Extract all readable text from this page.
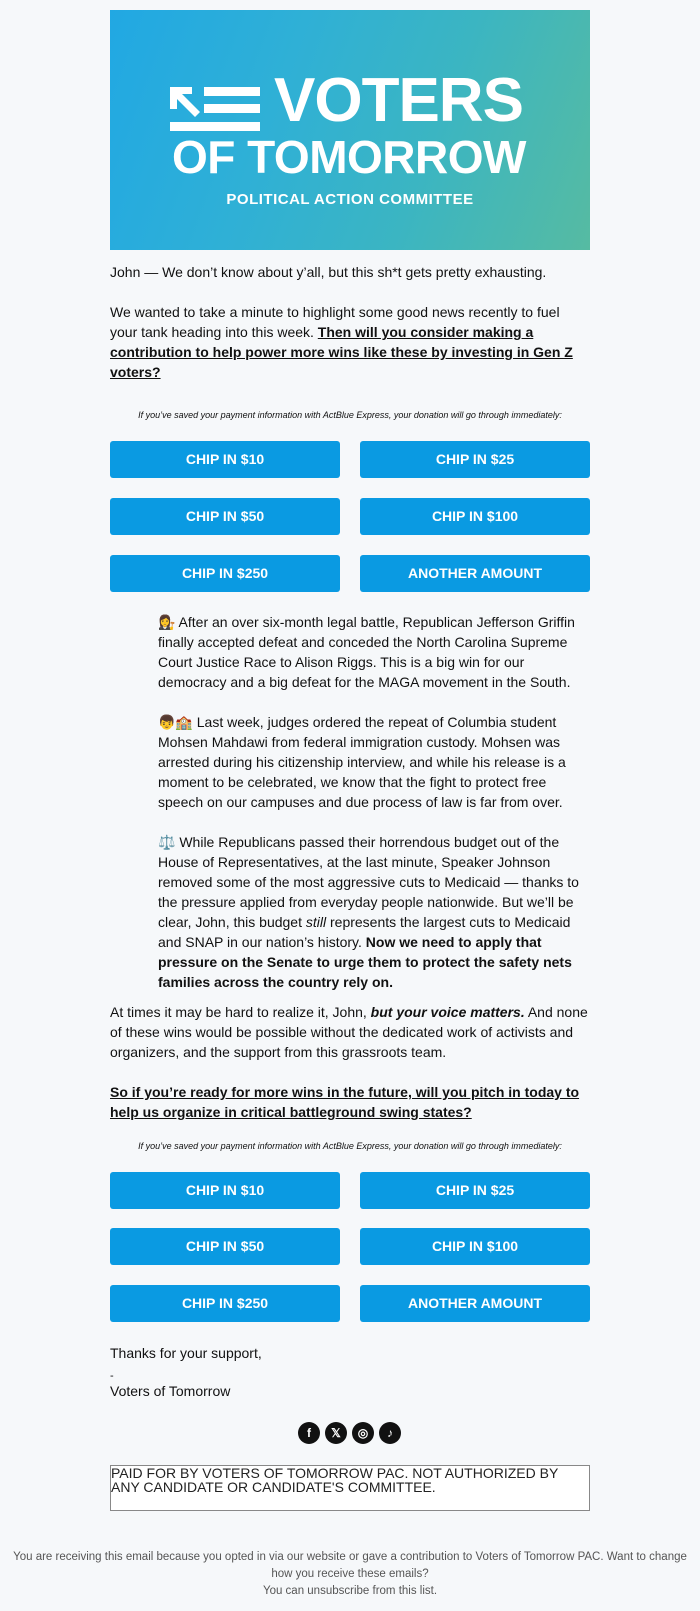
VOTERS
OF TOMORROW
POLITICAL ACTION COMMITTEE

John — We don’t know about y’all, but this sh*t gets pretty exhausting.

We wanted to take a minute to highlight some good news recently to fuel your tank heading into this week. Then will you consider making a contribution to help power more wins like these by investing in Gen Z voters?

If you’ve saved your payment information with ActBlue Express, your donation will go through immediately:
CHIP IN $10	CHIP IN $25
CHIP IN $50	CHIP IN $100
CHIP IN $250	ANOTHER AMOUNT

👩‍⚖️ After an over six-month legal battle, Republican Jefferson Griffin finally accepted defeat and conceded the North Carolina Supreme Court Justice Race to Alison Riggs. This is a big win for our democracy and a big defeat for the MAGA movement in the South.

👦🏫 Last week, judges ordered the repeat of Columbia student Mohsen Mahdawi from federal immigration custody. Mohsen was arrested during his citizenship interview, and while his release is a moment to be celebrated, we know that the fight to protect free speech on our campuses and due process of law is far from over.

⚖️ While Republicans passed their horrendous budget out of the House of Representatives, at the last minute, Speaker Johnson removed some of the most aggressive cuts to Medicaid — thanks to the pressure applied from everyday people nationwide. But we’ll be clear, John, this budget still represents the largest cuts to Medicaid and SNAP in our nation’s history. Now we need to apply that pressure on the Senate to urge them to protect the safety nets families across the country rely on.

At times it may be hard to realize it, John, but your voice matters. And none of these wins would be possible without the dedicated work of activists and organizers, and the support from this grassroots team.

So if you’re ready for more wins in the future, will you pitch in today to help us organize in critical battleground swing states?

If you’ve saved your payment information with ActBlue Express, your donation will go through immediately:
CHIP IN $10	CHIP IN $25
CHIP IN $50	CHIP IN $100
CHIP IN $250	ANOTHER AMOUNT

Thanks for your support,

-

Voters of Tomorrow

f	𝕏	◎	♪
PAID FOR BY VOTERS OF TOMORROW PAC. NOT AUTHORIZED BY ANY CANDIDATE OR CANDIDATE'S COMMITTEE.
You are receiving this email because you opted in via our website or gave a contribution to Voters of Tomorrow PAC. Want to change how you receive these emails?
You can unsubscribe from this list.
